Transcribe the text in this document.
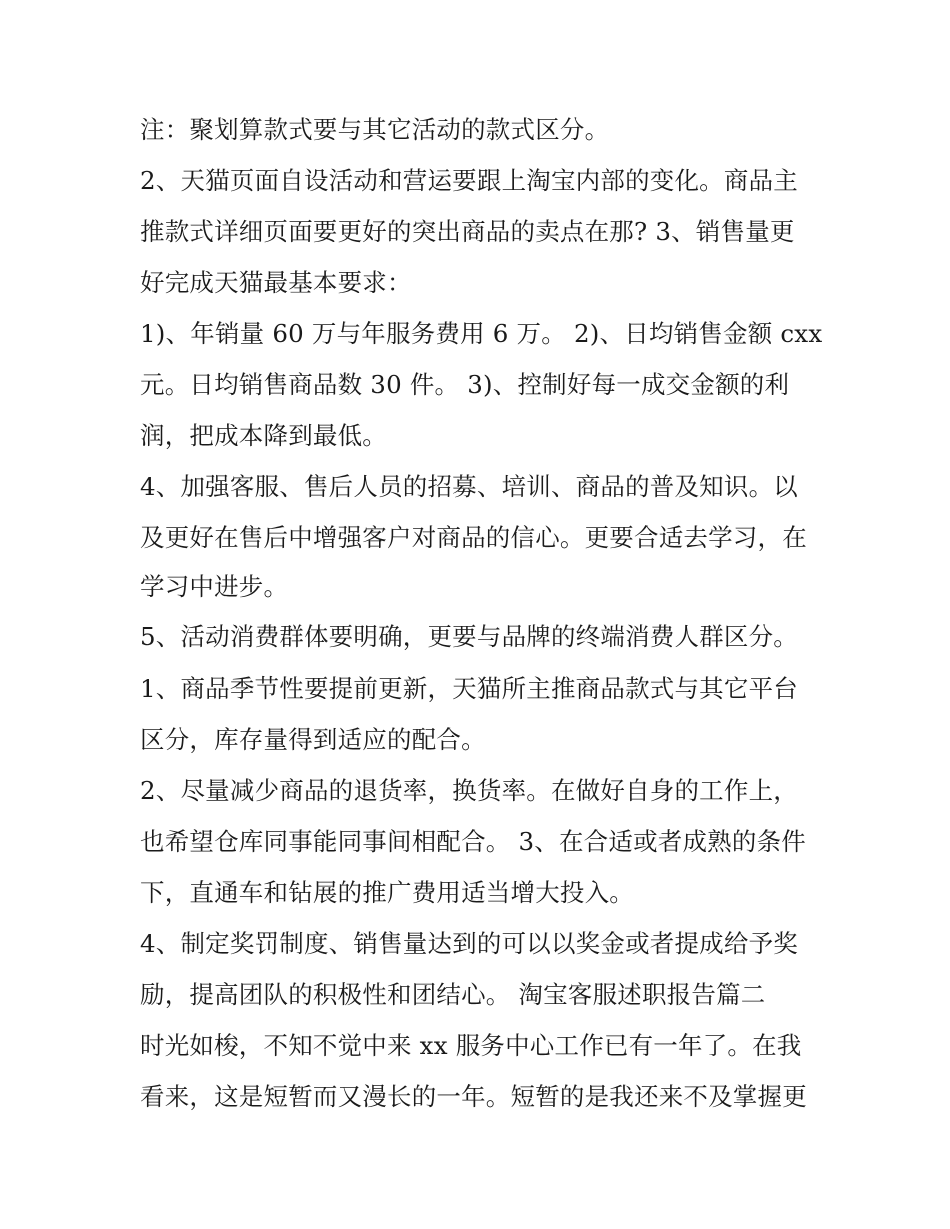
注：聚划算款式要与其它活动的款式区分。
2、天猫页面自设活动和营运要跟上淘宝内部的变化。商品主
推款式详细页面要更好的突出商品的卖点在那? 3、销售量更
好完成天猫最基本要求：
1)、年销量 60 万与年服务费用 6 万。 2)、日均销售金额 cxx
元。日均销售商品数 30 件。 3)、控制好每一成交金额的利
润，把成本降到最低。
4、加强客服、售后人员的招募、培训、商品的普及知识。以
及更好在售后中增强客户对商品的信心。更要合适去学习，在
学习中进步。
5、活动消费群体要明确，更要与品牌的终端消费人群区分。
1、商品季节性要提前更新，天猫所主推商品款式与其它平台
区分，库存量得到适应的配合。
2、尽量减少商品的退货率，换货率。在做好自身的工作上，
也希望仓库同事能同事间相配合。 3、在合适或者成熟的条件
下，直通车和钻展的推广费用适当增大投入。
4、制定奖罚制度、销售量达到的可以以奖金或者提成给予奖
励，提高团队的积极性和团结心。 淘宝客服述职报告篇二
时光如梭，不知不觉中来 xx 服务中心工作已有一年了。在我
看来，这是短暂而又漫长的一年。短暂的是我还来不及掌握更
